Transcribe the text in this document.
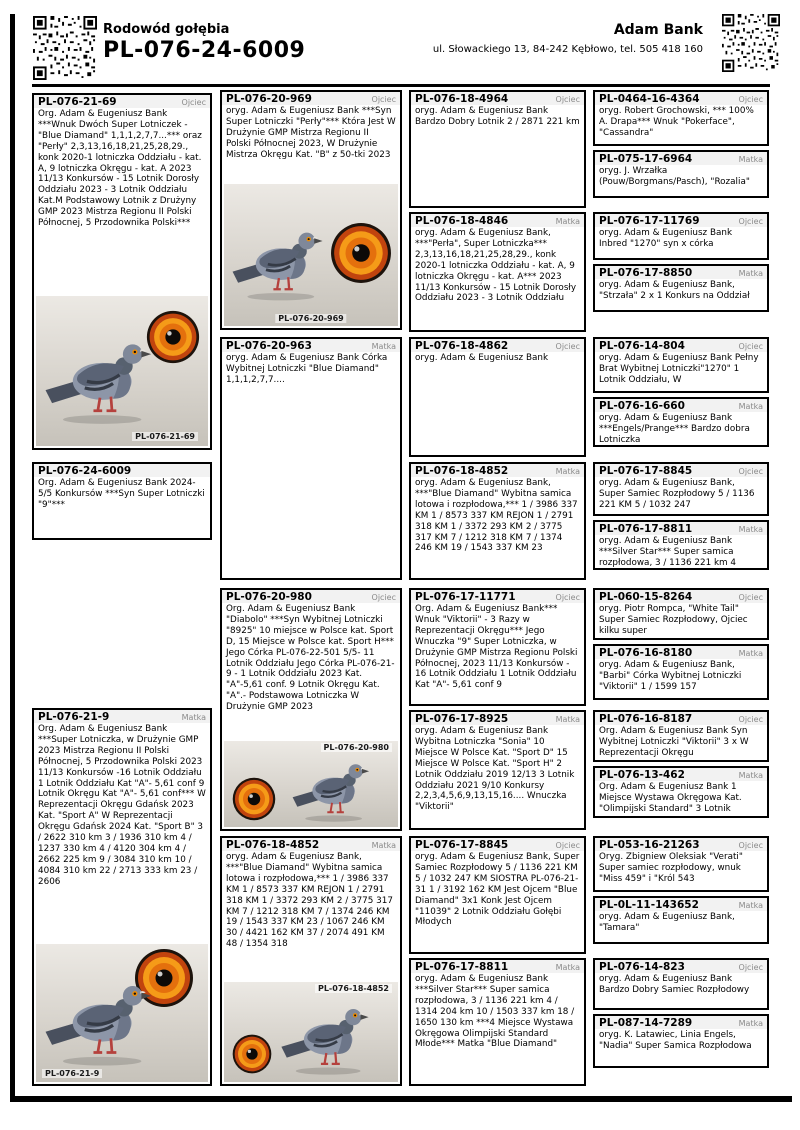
Rodowód gołębia
PL-076-24-6009
Adam Bank
ul. Słowackiego 13, 84-242 Kębłowo, tel. 505 418 160
PL-076-21-69	Ojciec
Org. Adam & Eugeniusz Bank ***Wnuk Dwóch Super Lotniczek - "Blue Diamand" 1,1,1,2,7,7...*** oraz "Perły" 2,3,13,16,18,21,25,28,29., konk 2020-1 lotniczka Oddziału - kat. A, 9 lotniczka Okręgu - kat. A 2023 11/13 Konkursów - 15 Lotnik Dorosły Oddziału 2023 - 3 Lotnik Oddziału Kat.M Podstawowy Lotnik z Drużyny GMP 2023 Mistrza Regionu II Polski Północnej, 5 Przodownika Polski***
PL-076-21-69
PL-076-24-6009
Org. Adam & Eugeniusz Bank 2024-5/5 Konkursów ***Syn Super Lotniczki "9"***
PL-076-21-9	Matka
Org. Adam & Eugeniusz Bank ***Super Lotniczka, w Drużynie GMP 2023 Mistrza Regionu II Polski Północnej, 5 Przodownika Polski 2023 11/13 Konkursów -16 Lotnik Oddziału 1 Lotnik Oddziału Kat "A"- 5,61 conf 9 Lotnik Okręgu Kat "A"- 5,61 conf*** W Reprezentacji Okręgu Gdańsk 2023 Kat. "Sport A" W Reprezentacji Okręgu Gdańsk 2024 Kat. "Sport B" 3 / 2622 310 km 3 / 1936 310 km 4 / 1237 330 km 4 / 4120 304 km 4 / 2662 225 km 9 / 3084 310 km 10 / 4084 310 km 22 / 2713 333 km 23 / 2606
PL-076-21-9
PL-076-20-969	Ojciec
oryg. Adam & Eugeniusz Bank ***Syn Super Lotniczki "Perły"*** Która Jest W Drużynie GMP Mistrza Regionu II Polski Północnej 2023, W Drużynie Mistrza Okręgu Kat. "B" z 50-tki 2023
PL-076-20-969
PL-076-20-963	Matka
oryg. Adam & Eugeniusz Bank Córka Wybitnej Lotniczki "Blue Diamand" 1,1,1,2,7,7....
PL-076-20-980	Ojciec
Org. Adam & Eugeniusz Bank "Diabolo" ***Syn Wybitnej Lotniczki "8925" 10 miejsce w Polsce kat. Sport D, 15 Miejsce w Polsce kat. Sport H*** Jego Córka PL-076-22-501 5/5- 11 Lotnik Oddziału Jego Córka PL-076-21-9 - 1 Lotnik Oddziału 2023 Kat. "A"-5,61 conf. 9 Lotnik Okręgu Kat. "A".- Podstawowa Lotniczka W Drużynie GMP 2023
PL-076-20-980
PL-076-18-4852	Matka
oryg. Adam & Eugeniusz Bank, ***"Blue Diamand" Wybitna samica lotowa i rozpłodowa,*** 1 / 3986 337 KM 1 / 8573 337 KM REJON 1 / 2791 318 KM 1 / 3372 293 KM 2 / 3775 317 KM 7 / 1212 318 KM 7 / 1374 246 KM 19 / 1543 337 KM 23 / 1067 246 KM 30 / 4421 162 KM 37 / 2074 491 KM 48 / 1354 318
PL-076-18-4852
PL-076-18-4964	Ojciec
oryg. Adam & Eugeniusz Bank Bardzo Dobry Lotnik 2 / 2871 221 km
PL-076-18-4846	Matka
oryg. Adam & Eugeniusz Bank, ***"Perła", Super Lotniczka*** 2,3,13,16,18,21,25,28,29., konk 2020-1 lotniczka Oddziału - kat. A, 9 lotniczka Okręgu - kat. A*** 2023 11/13 Konkursów - 15 Lotnik Dorosły Oddziału 2023 - 3 Lotnik Oddziału
PL-076-18-4862	Ojciec
oryg. Adam & Eugeniusz Bank
PL-076-18-4852	Matka
oryg. Adam & Eugeniusz Bank, ***"Blue Diamand" Wybitna samica lotowa i rozpłodowa,*** 1 / 3986 337 KM 1 / 8573 337 KM REJON 1 / 2791 318 KM 1 / 3372 293 KM 2 / 3775 317 KM 7 / 1212 318 KM 7 / 1374 246 KM 19 / 1543 337 KM 23
PL-076-17-11771	Ojciec
Org. Adam & Eugeniusz Bank*** Wnuk "Viktorii" - 3 Razy w Reprezentacji Okręgu*** Jego Wnuczka "9" Super Lotniczka, w Drużynie GMP Mistrza Regionu Polski Północnej, 2023 11/13 Konkursów - 16 Lotnik Oddziału 1 Lotnik Oddziału Kat "A"- 5,61 conf 9
PL-076-17-8925	Matka
oryg. Adam & Eugeniusz Bank Wybitna Lotniczka "Sonia" 10 Miejsce W Polsce Kat. "Sport D" 15 Miejsce W Polsce Kat. "Sport H" 2 Lotnik Oddziału 2019 12/13 3 Lotnik Oddziału 2021 9/10 Konkursy 2,2,3,4,5,6,9,13,15,16.... Wnuczka "Viktorii"
PL-076-17-8845	Ojciec
oryg. Adam & Eugeniusz Bank, Super Samiec Rozpłodowy 5 / 1136 221 KM 5 / 1032 247 KM SIOSTRA PL-076-21-31 1 / 3192 162 KM Jest Ojcem "Blue Diamand" 3x1 Konk Jest Ojcem "11039" 2 Lotnik Oddziału Gołębi Młodych
PL-076-17-8811	Matka
oryg. Adam & Eugeniusz Bank ***Silver Star*** Super samica rozpłodowa, 3 / 1136 221 km 4 / 1314 204 km 10 / 1503 337 km 18 / 1650 130 km ***4 Miejsce Wystawa Okręgowa Olimpijski Standard Młode*** Matka "Blue Diamand"
PL-0464-16-4364	Ojciec
oryg. Robert Grochowski, *** 100% A. Drapa*** Wnuk "Pokerface", "Cassandra"
PL-075-17-6964	Matka
oryg. J. Wrzałka (Pouw/Borgmans/Pasch), "Rozalia"
PL-076-17-11769	Ojciec
oryg. Adam & Eugeniusz Bank Inbred "1270" syn x córka
PL-076-17-8850	Matka
oryg. Adam & Eugeniusz Bank, "Strzała" 2 x 1 Konkurs na Oddział
PL-076-14-804	Ojciec
oryg. Adam & Eugeniusz Bank Pełny Brat Wybitnej Lotniczki"1270" 1 Lotnik Oddziału, W
PL-076-16-660	Matka
oryg. Adam & Eugeniusz Bank ***Engels/Prange*** Bardzo dobra Lotniczka
PL-076-17-8845	Ojciec
oryg. Adam & Eugeniusz Bank, Super Samiec Rozpłodowy 5 / 1136 221 KM 5 / 1032 247
PL-076-17-8811	Matka
oryg. Adam & Eugeniusz Bank ***Silver Star*** Super samica rozpłodowa, 3 / 1136 221 km 4
PL-060-15-8264	Ojciec
oryg. Piotr Rompca, "White Tail" Super Samiec Rozpłodowy, Ojciec kilku super
PL-076-16-8180	Matka
oryg. Adam & Eugeniusz Bank, "Barbi" Córka Wybitnej Lotniczki "Viktorii" 1 / 1599 157
PL-076-16-8187	Ojciec
Org. Adam & Eugeniusz Bank Syn Wybitnej Lotniczki "Viktorii" 3 x W Reprezentacji Okręgu
PL-076-13-462	Matka
Org. Adam & Eugeniusz Bank 1 Miejsce Wystawa Okręgowa Kat. "Olimpijski Standard" 3 Lotnik
PL-053-16-21263	Ojciec
Oryg. Zbigniew Oleksiak "Verati" Super samiec rozpłodowy, wnuk "Miss 459" i "Król 543
PL-0L-11-143652	Matka
oryg. Adam & Eugeniusz Bank, "Tamara"
PL-076-14-823	Ojciec
oryg. Adam & Eugeniusz Bank Bardzo Dobry Samiec Rozpłodowy
PL-087-14-7289	Matka
oryg. K. Latawiec, Linia Engels, "Nadia" Super Samica Rozpłodowa
